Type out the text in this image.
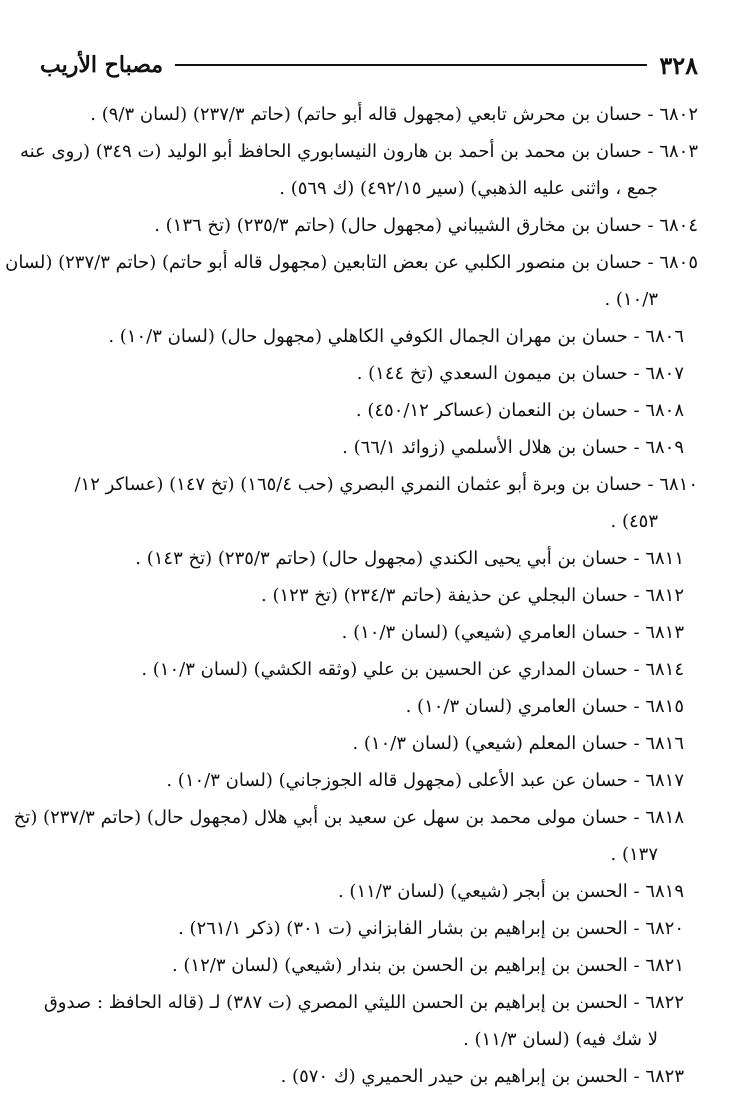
٣٢٨
مصباح الأريب
٦٨٠٢ - حسان بن محرش تابعي (مجهول قاله أبو حاتم) (حاتم ٢٣٧/٣) (لسان ٩/٣) .
٦٨٠٣ - حسان بن محمد بن أحمد بن هارون النيسابوري الحافظ أبو الوليد (ت ٣٤٩) (روى عنه
جمع ، واثنى عليه الذهبي) (سير ٤٩٢/١٥) (ك ٥٦٩) .
٦٨٠٤ - حسان بن مخارق الشيباني (مجهول حال) (حاتم ٢٣٥/٣) (تخ ١٣٦) .
٦٨٠٥ - حسان بن منصور الكلبي عن بعض التابعين (مجهول قاله أبو حاتم) (حاتم ٢٣٧/٣) (لسان
١٠/٣) .
٦٨٠٦ - حسان بن مهران الجمال الكوفي الكاهلي (مجهول حال) (لسان ١٠/٣) .
٦٨٠٧ - حسان بن ميمون السعدي (تخ ١٤٤) .
٦٨٠٨ - حسان بن النعمان (عساكر ٤٥٠/١٢) .
٦٨٠٩ - حسان بن هلال الأسلمي (زوائد ٦٦/١) .
٦٨١٠ - حسان بن وبرة أبو عثمان النمري البصري (حب ١٦٥/٤) (تخ ١٤٧) (عساكر ١٢/
٤٥٣) .
٦٨١١ - حسان بن أبي يحيى الكندي (مجهول حال) (حاتم ٢٣٥/٣) (تخ ١٤٣) .
٦٨١٢ - حسان البجلي عن حذيفة (حاتم ٢٣٤/٣) (تخ ١٢٣) .
٦٨١٣ - حسان العامري (شيعي) (لسان ١٠/٣) .
٦٨١٤ - حسان المداري عن الحسين بن علي (وثقه الكشي) (لسان ١٠/٣) .
٦٨١٥ - حسان العامري (لسان ١٠/٣) .
٦٨١٦ - حسان المعلم (شيعي) (لسان ١٠/٣) .
٦٨١٧ - حسان عن عبد الأعلى (مجهول قاله الجوزجاني) (لسان ١٠/٣) .
٦٨١٨ - حسان مولى محمد بن سهل عن سعيد بن أبي هلال (مجهول حال) (حاتم ٢٣٧/٣) (تخ
١٣٧) .
٦٨١٩ - الحسن بن أبجر (شيعي) (لسان ١١/٣) .
٦٨٢٠ - الحسن بن إبراهيم بن بشار الفابزاني (ت ٣٠١) (ذكر ٢٦١/١) .
٦٨٢١ - الحسن بن إبراهيم بن الحسن بن بندار (شيعي) (لسان ١٢/٣) .
٦٨٢٢ - الحسن بن إبراهيم بن الحسن الليثي المصري (ت ٣٨٧) لـ (قاله الحافظ : صدوق
لا شك فيه) (لسان ١١/٣) .
٦٨٢٣ - الحسن بن إبراهيم بن حيدر الحميري (ك ٥٧٠) .
